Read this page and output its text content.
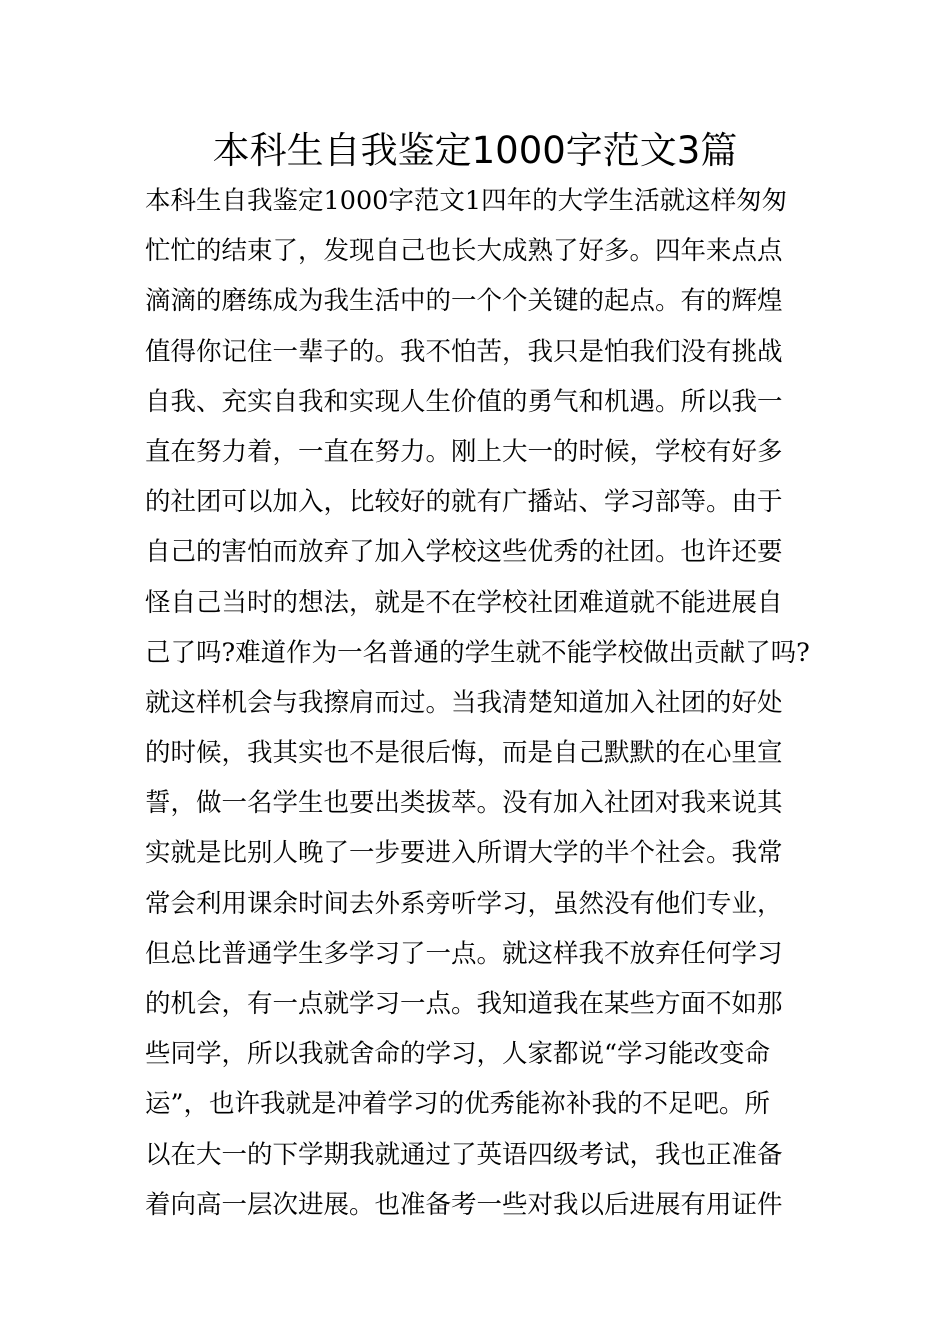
本科生自我鉴定1000字范文3篇
本科生自我鉴定1000字范文1四年的大学生活就这样匆匆
忙忙的结束了，发现自己也长大成熟了好多。四年来点点
滴滴的磨练成为我生活中的一个个关键的起点。有的辉煌
值得你记住一辈子的。我不怕苦，我只是怕我们没有挑战
自我、充实自我和实现人生价值的勇气和机遇。所以我一
直在努力着，一直在努力。刚上大一的时候，学校有好多
的社团可以加入，比较好的就有广播站、学习部等。由于
自己的害怕而放弃了加入学校这些优秀的社团。也许还要
怪自己当时的想法，就是不在学校社团难道就不能进展自
己了吗?难道作为一名普通的学生就不能学校做出贡献了吗?
就这样机会与我擦肩而过。当我清楚知道加入社团的好处
的时候，我其实也不是很后悔，而是自己默默的在心里宣
誓，做一名学生也要出类拔萃。没有加入社团对我来说其
实就是比别人晚了一步要进入所谓大学的半个社会。我常
常会利用课余时间去外系旁听学习，虽然没有他们专业，
但总比普通学生多学习了一点。就这样我不放弃任何学习
的机会，有一点就学习一点。我知道我在某些方面不如那
些同学，所以我就舍命的学习，人家都说“学习能改变命
运”，也许我就是冲着学习的优秀能祢补我的不足吧。所
以在大一的下学期我就通过了英语四级考试，我也正准备
着向高一层次进展。也准备考一些对我以后进展有用证件
